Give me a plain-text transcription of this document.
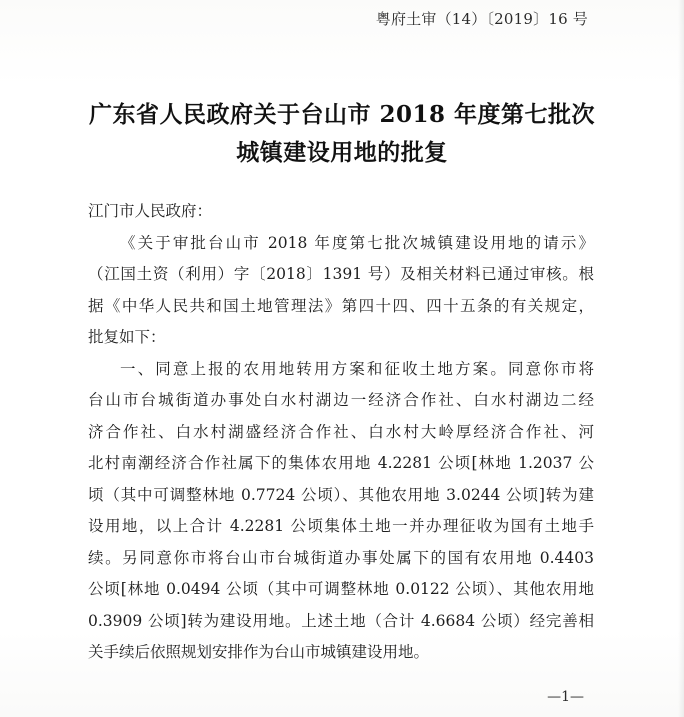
粤府土审（14）〔2019〕16 号
广东省人民政府关于台山市 2018 年度第七批次
城镇建设用地的批复
江门市人民政府：
《关于审批台山市 2018 年度第七批次城镇建设用地的请示》
（江国土资（利用）字〔2018〕1391 号）及相关材料已通过审核。根
据《中华人民共和国土地管理法》第四十四、四十五条的有关规定，
批复如下：
一、同意上报的农用地转用方案和征收土地方案。同意你市将
台山市台城街道办事处白水村湖边一经济合作社、白水村湖边二经
济合作社、白水村湖盛经济合作社、白水村大岭厚经济合作社、河
北村南潮经济合作社属下的集体农用地 4.2281 公顷[林地 1.2037 公
顷（其中可调整林地 0.7724 公顷）、其他农用地 3.0244 公顷]转为建
设用地，以上合计 4.2281 公顷集体土地一并办理征收为国有土地手
续。另同意你市将台山市台城街道办事处属下的国有农用地 0.4403
公顷[林地 0.0494 公顷（其中可调整林地 0.0122 公顷）、其他农用地
0.3909 公顷]转为建设用地。上述土地（合计 4.6684 公顷）经完善相
关手续后依照规划安排作为台山市城镇建设用地。
—1—
